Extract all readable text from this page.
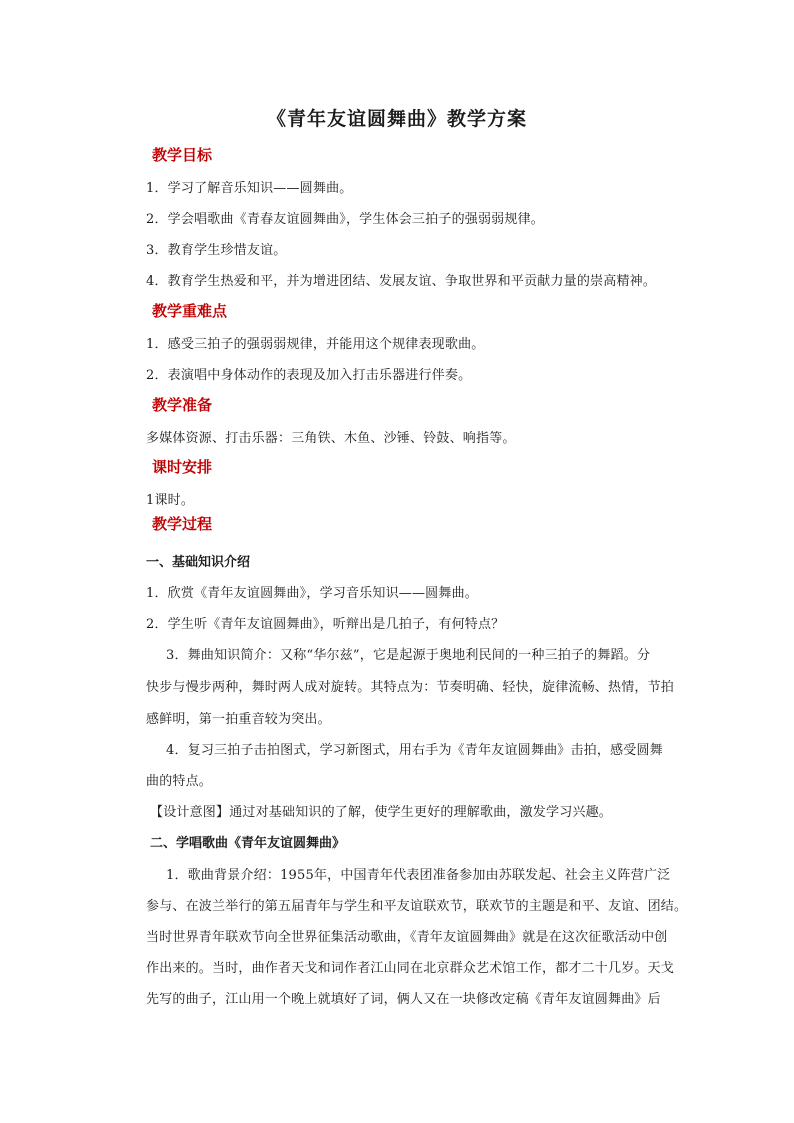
《青年友谊圆舞曲》教学方案
教学目标
1．学习了解音乐知识——圆舞曲。
2．学会唱歌曲《青春友谊圆舞曲》，学生体会三拍子的强弱弱规律。
3．教育学生珍惜友谊。
4．教育学生热爱和平，并为增进团结、发展友谊、争取世界和平贡献力量的崇高精神。
教学重难点
1．感受三拍子的强弱弱规律，并能用这个规律表现歌曲。
2．表演唱中身体动作的表现及加入打击乐器进行伴奏。
教学准备
多媒体资源、打击乐器：三角铁、木鱼、沙锤、铃鼓、响指等。
课时安排
1课时。
教学过程
一、基础知识介绍
1．欣赏《青年友谊圆舞曲》，学习音乐知识——圆舞曲。
2．学生听《青年友谊圆舞曲》，听辩出是几拍子，有何特点？
3．舞曲知识简介：又称“华尔兹”，它是起源于奥地利民间的一种三拍子的舞蹈。分
快步与慢步两种，舞时两人成对旋转。其特点为：节奏明确、轻快，旋律流畅、热情，节拍
感鲜明，第一拍重音较为突出。
4．复习三拍子击拍图式，学习新图式，用右手为《青年友谊圆舞曲》击拍，感受圆舞
曲的特点。
【设计意图】通过对基础知识的了解，使学生更好的理解歌曲，激发学习兴趣。
二、学唱歌曲《青年友谊圆舞曲》
1．歌曲背景介绍：1955年，中国青年代表团准备参加由苏联发起、社会主义阵营广泛
参与、在波兰举行的第五届青年与学生和平友谊联欢节，联欢节的主题是和平、友谊、团结。
当时世界青年联欢节向全世界征集活动歌曲，《青年友谊圆舞曲》就是在这次征歌活动中创
作出来的。当时，曲作者天戈和词作者江山同在北京群众艺术馆工作，都才二十几岁。天戈
先写的曲子，江山用一个晚上就填好了词，俩人又在一块修改定稿《青年友谊圆舞曲》后
